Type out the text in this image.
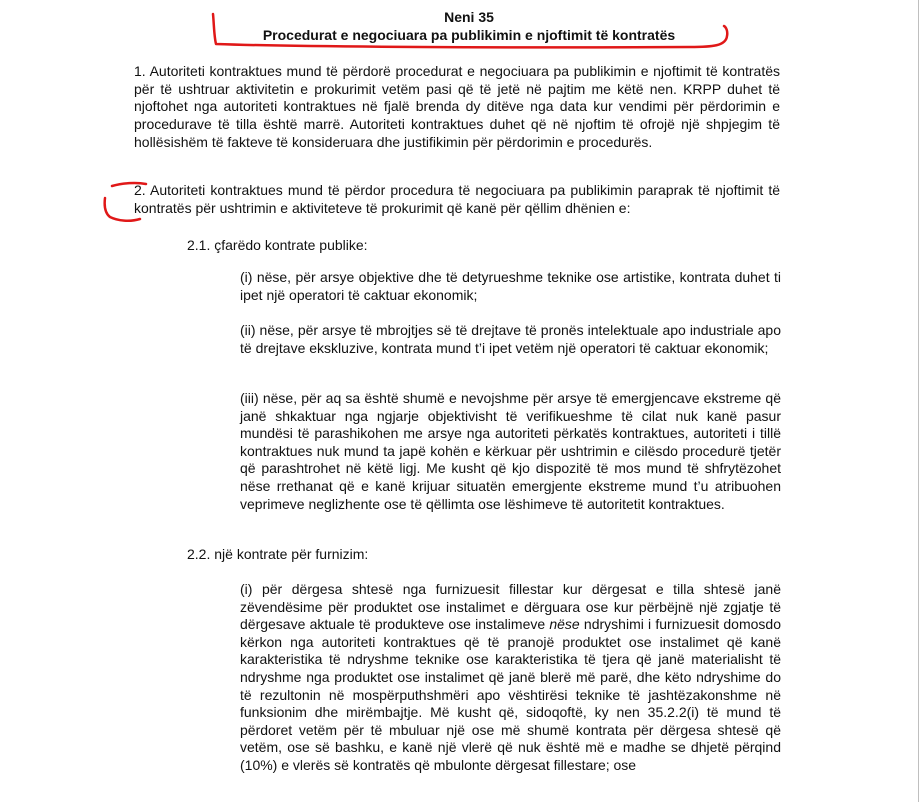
Neni 35
Procedurat e negociuara pa publikimin e njoftimit të kontratës

1. Autoriteti kontraktues mund të përdorë procedurat e negociuara pa publikimin e njoftimit të kontratës për të ushtruar aktivitetin e prokurimit vetëm pasi që të jetë në pajtim me këtë nen. KRPP duhet të njoftohet nga autoriteti kontraktues në fjalë brenda dy ditëve nga data kur vendimi për përdorimin e procedurave të tilla është marrë. Autoriteti kontraktues duhet që në njoftim të ofrojë një shpjegim të hollësishëm të fakteve të konsideruara dhe justifikimin për përdorimin e procedurës.

2. Autoriteti kontraktues mund të përdor procedura të negociuara pa publikimin paraprak të njoftimit të kontratës për ushtrimin e aktiviteteve të prokurimit që kanë për qëllim dhënien e:

2.1. çfarëdo kontrate publike:

(i) nëse, për arsye objektive dhe të detyrueshme teknike ose artistike, kontrata duhet ti ipet një operatori të caktuar ekonomik;

(ii) nëse, për arsye të mbrojtjes së të drejtave të pronës intelektuale apo industriale apo të drejtave ekskluzive, kontrata mund t’i ipet vetëm një operatori të caktuar ekonomik;

(iii) nëse, për aq sa është shumë e nevojshme për arsye të emergjencave ekstreme që janë shkaktuar nga ngjarje objektivisht të verifikueshme të cilat nuk kanë pasur mundësi të parashikohen me arsye nga autoriteti përkatës kontraktues, autoriteti i tillë kontraktues nuk mund ta japë kohën e kërkuar për ushtrimin e cilësdo procedurë tjetër që parashtrohet në këtë ligj. Me kusht që kjo dispozitë të mos mund të shfrytëzohet nëse rrethanat që e kanë krijuar situatën emergjente ekstreme mund t’u atribuohen veprimeve neglizhente ose të qëllimta ose lëshimeve të autoritetit kontraktues.

2.2. një kontrate për furnizim:

(i) për dërgesa shtesë nga furnizuesit fillestar kur dërgesat e tilla shtesë janë zëvendësime për produktet ose instalimet e dërguara ose kur përbëjnë një zgjatje të dërgesave aktuale të produkteve ose instalimeve nëse ndryshimi i furnizuesit domosdo kërkon nga autoriteti kontraktues që të pranojë produktet ose instalimet që kanë karakteristika të ndryshme teknike ose karakteristika të tjera që janë materialisht të ndryshme nga produktet ose instalimet që janë blerë më parë, dhe këto ndryshime do të rezultonin në mospërputhshmëri apo vështirësi teknike të jashtëzakonshme në funksionim dhe mirëmbajtje. Më kusht që, sidoqoftë, ky nen 35.2.2(i) të mund të përdoret vetëm për të mbuluar një ose më shumë kontrata për dërgesa shtesë që vetëm, ose së bashku, e kanë një vlerë që nuk është më e madhe se dhjetë përqind (10%) e vlerës së kontratës që mbulonte dërgesat fillestare; ose
